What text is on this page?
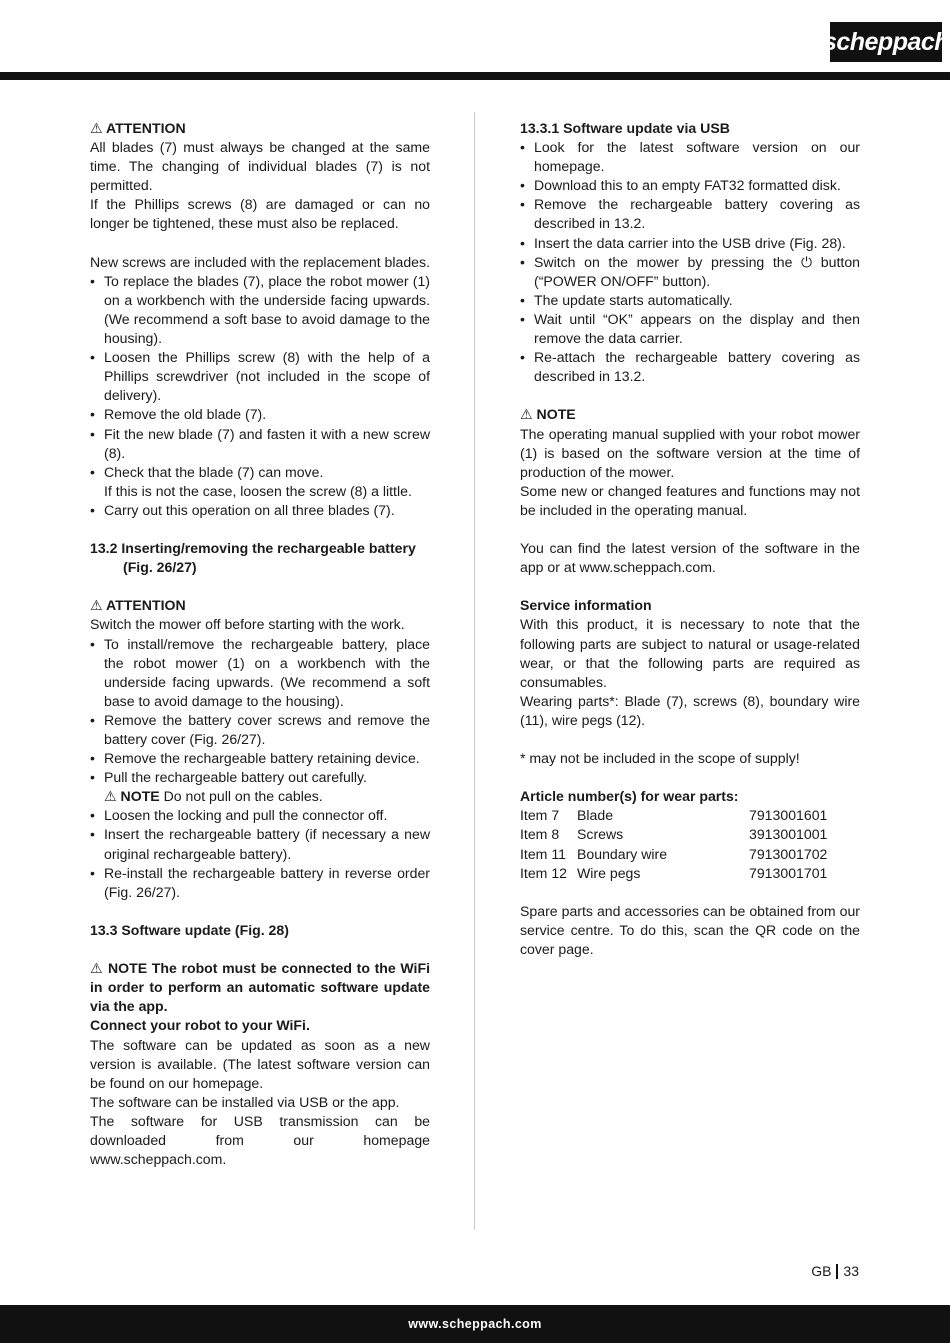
scheppach

⚠ ATTENTION

All blades (7) must always be changed at the same time. The changing of individual blades (7) is not permitted.

If the Phillips screws (8) are damaged or can no longer be tightened, these must also be replaced.

New screws are included with the replacement blades.

• To replace the blades (7), place the robot mower (1) on a workbench with the underside facing upwards. (We recommend a soft base to avoid damage to the housing).
• Loosen the Phillips screw (8) with the help of a Phillips screwdriver (not included in the scope of delivery).
• Remove the old blade (7).
• Fit the new blade (7) and fasten it with a new screw (8).
• Check that the blade (7) can move.
If this is not the case, loosen the screw (8) a little.
• Carry out this operation on all three blades (7).

13.2 Inserting/removing the rechargeable battery

(Fig. 26/27)

⚠ ATTENTION

Switch the mower off before starting with the work.

• To install/remove the rechargeable battery, place the robot mower (1) on a workbench with the underside facing upwards. (We recommend a soft base to avoid damage to the housing).
• Remove the battery cover screws and remove the battery cover (Fig. 26/27).
• Remove the rechargeable battery retaining device.
• Pull the rechargeable battery out carefully.
⚠ NOTE Do not pull on the cables.
• Loosen the locking and pull the connector off.
• Insert the rechargeable battery (if necessary a new original rechargeable battery).
• Re-install the rechargeable battery in reverse order (Fig. 26/27).

13.3 Software update (Fig. 28)

⚠ NOTE The robot must be connected to the WiFi in order to perform an automatic software update via the app.

Connect your robot to your WiFi.

The software can be updated as soon as a new version is available. (The latest software version can be found on our homepage.

The software can be installed via USB or the app.

The software for USB transmission can be downloaded from our homepage www.scheppach.com.

13.3.1 Software update via USB

• Look for the latest software version on our homepage.
• Download this to an empty FAT32 formatted disk.
• Remove the rechargeable battery covering as described in 13.2.
• Insert the data carrier into the USB drive (Fig. 28).
• Switch on the mower by pressing the ⏻ button (“POWER ON/OFF” button).
• The update starts automatically.
• Wait until “OK” appears on the display and then remove the data carrier.
• Re-attach the rechargeable battery covering as described in 13.2.

⚠ NOTE

The operating manual supplied with your robot mower (1) is based on the software version at the time of production of the mower.

Some new or changed features and functions may not be included in the operating manual.

You can find the latest version of the software in the app or at www.scheppach.com.

Service information

With this product, it is necessary to note that the following parts are subject to natural or usage-related wear, or that the following parts are required as consumables.

Wearing parts*: Blade (7), screws (8), boundary wire (11), wire pegs (12).

* may not be included in the scope of supply!

Article number(s) for wear parts:

Item 7	Blade	7913001601
Item 8	Screws	3913001001
Item 11	Boundary wire	7913001702
Item 12	Wire pegs	7913001701

Spare parts and accessories can be obtained from our service centre. To do this, scan the QR code on the cover page.

GB 33
www.scheppach.com
